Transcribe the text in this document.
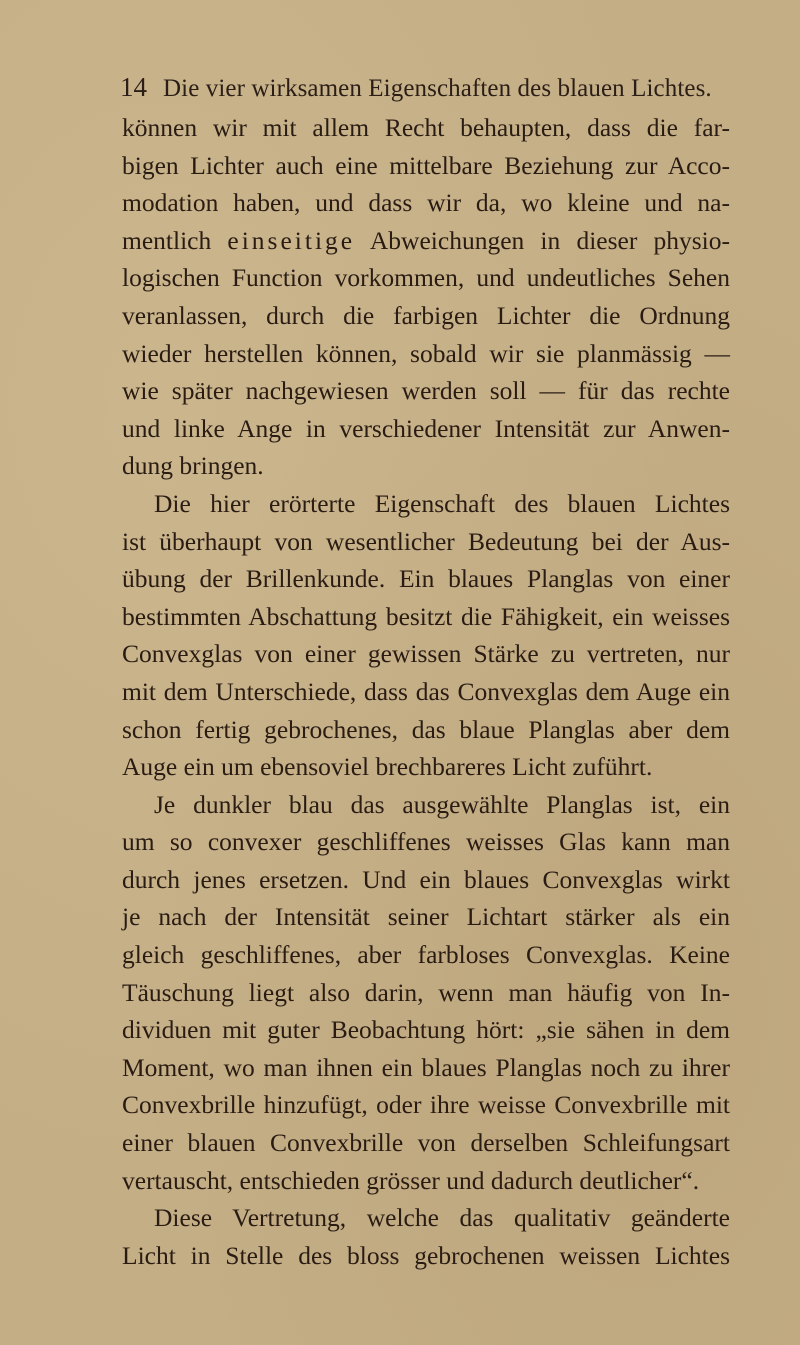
14 Die vier wirksamen Eigenschaften des blauen Lichtes.
können wir mit allem Recht behaupten, dass die far-
bigen Lichter auch eine mittelbare Beziehung zur Acco-
modation haben, und dass wir da, wo kleine und na-
mentlich einseitige Abweichungen in dieser physio-
logischen Function vorkommen, und undeutliches Sehen
veranlassen, durch die farbigen Lichter die Ordnung
wieder herstellen können, sobald wir sie planmässig —
wie später nachgewiesen werden soll — für das rechte
und linke Ange in verschiedener Intensität zur Anwen-
dung bringen.
Die hier erörterte Eigenschaft des blauen Lichtes
ist überhaupt von wesentlicher Bedeutung bei der Aus-
übung der Brillenkunde. Ein blaues Planglas von einer
bestimmten Abschattung besitzt die Fähigkeit, ein weisses
Convexglas von einer gewissen Stärke zu vertreten, nur
mit dem Unterschiede, dass das Convexglas dem Auge ein
schon fertig gebrochenes, das blaue Planglas aber dem
Auge ein um ebensoviel brechbareres Licht zuführt.
Je dunkler blau das ausgewählte Planglas ist, ein
um so convexer geschliffenes weisses Glas kann man
durch jenes ersetzen. Und ein blaues Convexglas wirkt
je nach der Intensität seiner Lichtart stärker als ein
gleich geschliffenes, aber farbloses Convexglas. Keine
Täuschung liegt also darin, wenn man häufig von In-
dividuen mit guter Beobachtung hört: „sie sähen in dem
Moment, wo man ihnen ein blaues Planglas noch zu ihrer
Convexbrille hinzufügt, oder ihre weisse Convexbrille mit
einer blauen Convexbrille von derselben Schleifungsart
vertauscht, entschieden grösser und dadurch deutlicher“.
Diese Vertretung, welche das qualitativ geänderte
Licht in Stelle des bloss gebrochenen weissen Lichtes
